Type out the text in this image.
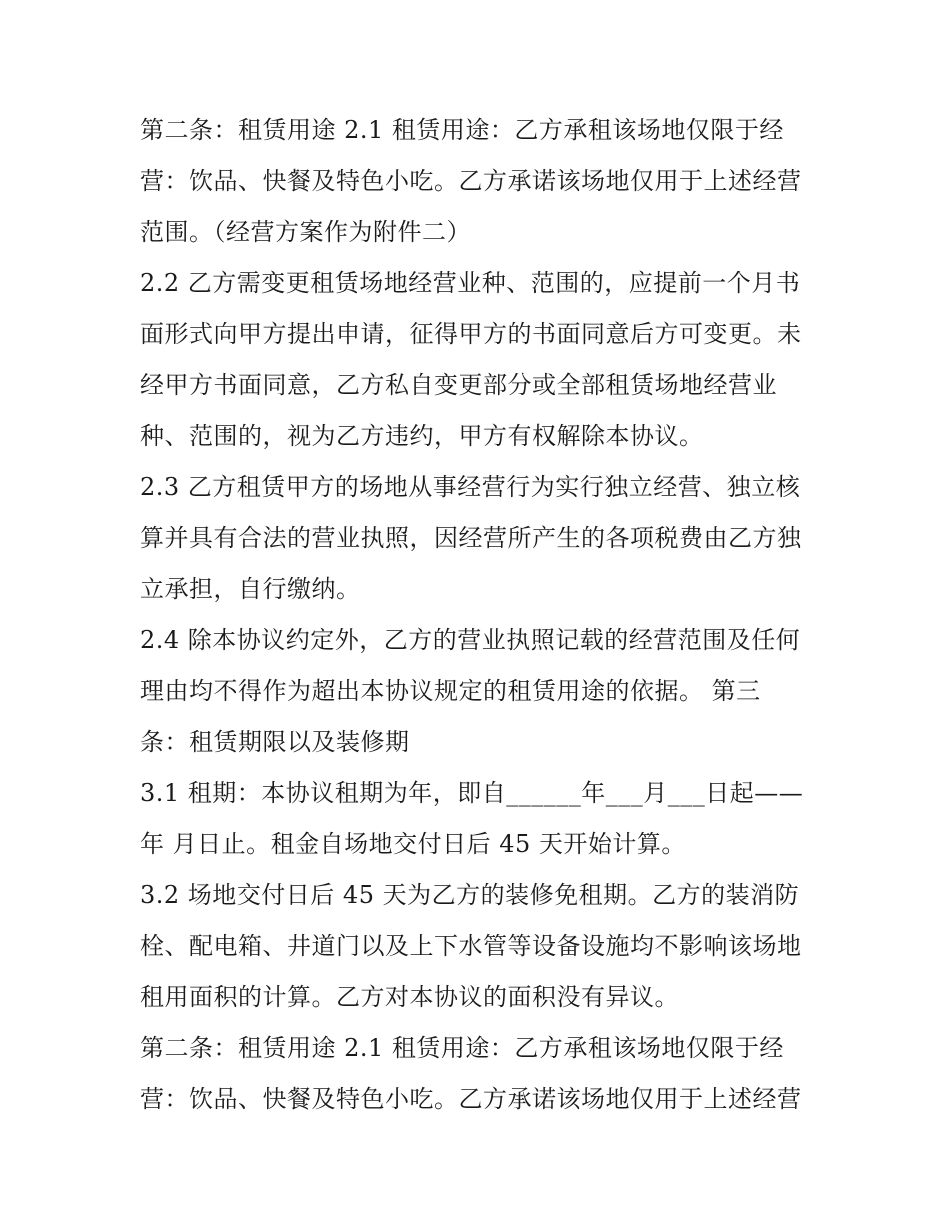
第二条：租赁用途 2.1 租赁用途：乙方承租该场地仅限于经
营：饮品、快餐及特色小吃。乙方承诺该场地仅用于上述经营
范围。（经营方案作为附件二）
2.2 乙方需变更租赁场地经营业种、范围的，应提前一个月书
面形式向甲方提出申请，征得甲方的书面同意后方可变更。未
经甲方书面同意，乙方私自变更部分或全部租赁场地经营业
种、范围的，视为乙方违约，甲方有权解除本协议。
2.3 乙方租赁甲方的场地从事经营行为实行独立经营、独立核
算并具有合法的营业执照，因经营所产生的各项税费由乙方独
立承担，自行缴纳。
2.4 除本协议约定外，乙方的营业执照记载的经营范围及任何
理由均不得作为超出本协议规定的租赁用途的依据。 第三
条：租赁期限以及装修期
3.1 租期：本协议租期为年，即自______年___月___日起——
年 月日止。租金自场地交付日后 45 天开始计算。
3.2 场地交付日后 45 天为乙方的装修免租期。乙方的装消防
栓、配电箱、井道门以及上下水管等设备设施均不影响该场地
租用面积的计算。乙方对本协议的面积没有异议。
第二条：租赁用途 2.1 租赁用途：乙方承租该场地仅限于经
营：饮品、快餐及特色小吃。乙方承诺该场地仅用于上述经营
